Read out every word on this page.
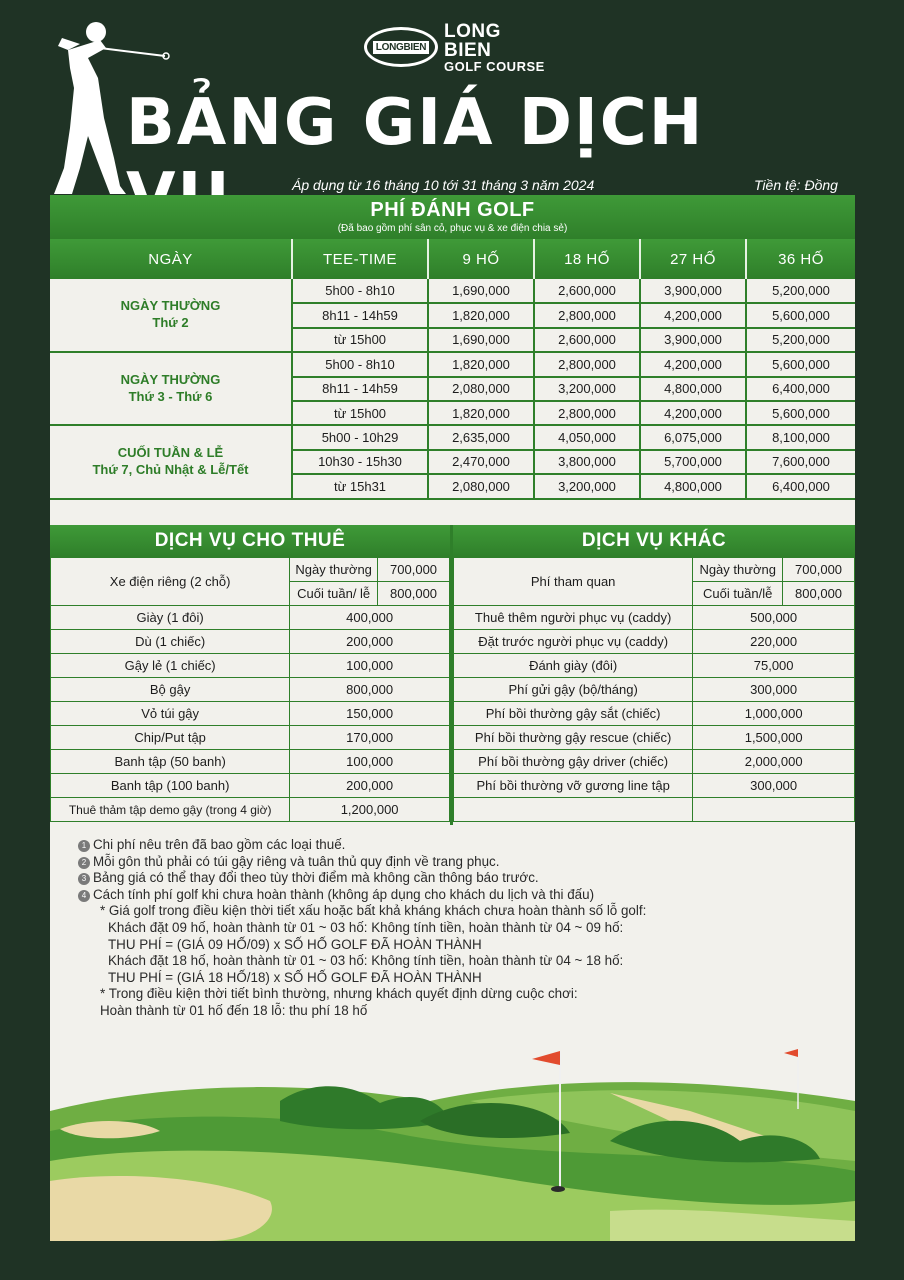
LONGBIEN
LONG BIEN
GOLF COURSE
BẢNG GIÁ DỊCH
Áp dụng từ 16 tháng 10 tới 31 tháng 3 năm 2024	Tiền tệ: Đồng
PHÍ ĐÁNH GOLF
(Đã bao gồm phí sân cỏ, phục vụ & xe điện chia sẻ)
NGÀY	TEE-TIME	9 HỐ	18 HỐ	27 HỐ	36 HỐ

NGÀY THƯỜNG
Thứ 2	5h00 - 8h10	1,690,000	2,600,000	3,900,000	5,200,000
	8h11 - 14h59	1,820,000	2,800,000	4,200,000	5,600,000
	từ 15h00	1,690,000	2,600,000	3,900,000	5,200,000

NGÀY THƯỜNG
Thứ 3 - Thứ 6	5h00 - 8h10	1,820,000	2,800,000	4,200,000	5,600,000
	8h11 - 14h59	2,080,000	3,200,000	4,800,000	6,400,000
	từ 15h00	1,820,000	2,800,000	4,200,000	5,600,000

CUỐI TUẦN & LỄ
Thứ 7, Chủ Nhật & Lễ/Tết	5h00 - 10h29	2,635,000	4,050,000	6,075,000	8,100,000
	10h30 - 15h30	2,470,000	3,800,000	5,700,000	7,600,000
	từ 15h31	2,080,000	3,200,000	4,800,000	6,400,000
DỊCH VỤ CHO THUÊ	DỊCH VỤ KHÁC
Xe điện riêng (2 chỗ)	Ngày thường	700,000
	Cuối tuần/ lễ	800,000
Giày (1 đôi)	400,000	
Dù (1 chiếc)	200,000	
Gậy lẻ (1 chiếc)	100,000	
Bộ gậy	800,000	
Vỏ túi gậy	150,000	
Chip/Put tập	170,000	
Banh tập (50 banh)	100,000	
Banh tập (100 banh)	200,000	
Thuê thảm tập demo gậy (trong 4 giờ)	1,200,000	
Phí tham quan	Ngày thường	700,000
	Cuối tuần/lễ	800,000
Thuê thêm người phục vụ (caddy)	500,000	
Đặt trước người phục vụ (caddy)	220,000	
Đánh giày (đôi)	75,000	
Phí gửi gậy (bộ/tháng)	300,000	
Phí bồi thường gậy sắt (chiếc)	1,000,000	
Phí bồi thường gậy rescue (chiếc)	1,500,000	
Phí bồi thường gậy driver (chiếc)	2,000,000	
Phí bồi thường vỡ gương line tập	300,000	

1 Chi phí nêu trên đã bao gồm các loại thuế.
2 Mỗi gôn thủ phải có túi gậy riêng và tuân thủ quy định về trang phục.
3 Bảng giá có thể thay đổi theo tùy thời điểm mà không cần thông báo trước.
4 Cách tính phí golf khi chưa hoàn thành (không áp dụng cho khách du lịch và thi đấu)
* Giá golf trong điều kiện thời tiết xấu hoặc bất khả kháng khách chưa hoàn thành số lỗ golf:
Khách đặt 09 hố, hoàn thành từ 01 ~ 03 hố: Không tính tiền, hoàn thành từ 04 ~ 09 hố:
THU PHÍ = (GIÁ 09 HỐ/09) x SỐ HỐ GOLF ĐÃ HOÀN THÀNH
Khách đặt 18 hố, hoàn thành từ 01 ~ 03 hố: Không tính tiền, hoàn thành từ 04 ~ 18 hố:
THU PHÍ = (GIÁ 18 HỐ/18) x SỐ HỐ GOLF ĐÃ HOÀN THÀNH
* Trong điều kiện thời tiết bình thường, nhưng khách quyết định dừng cuộc chơi:
Hoàn thành từ 01 hố đến 18 lỗ: thu phí 18 hố
